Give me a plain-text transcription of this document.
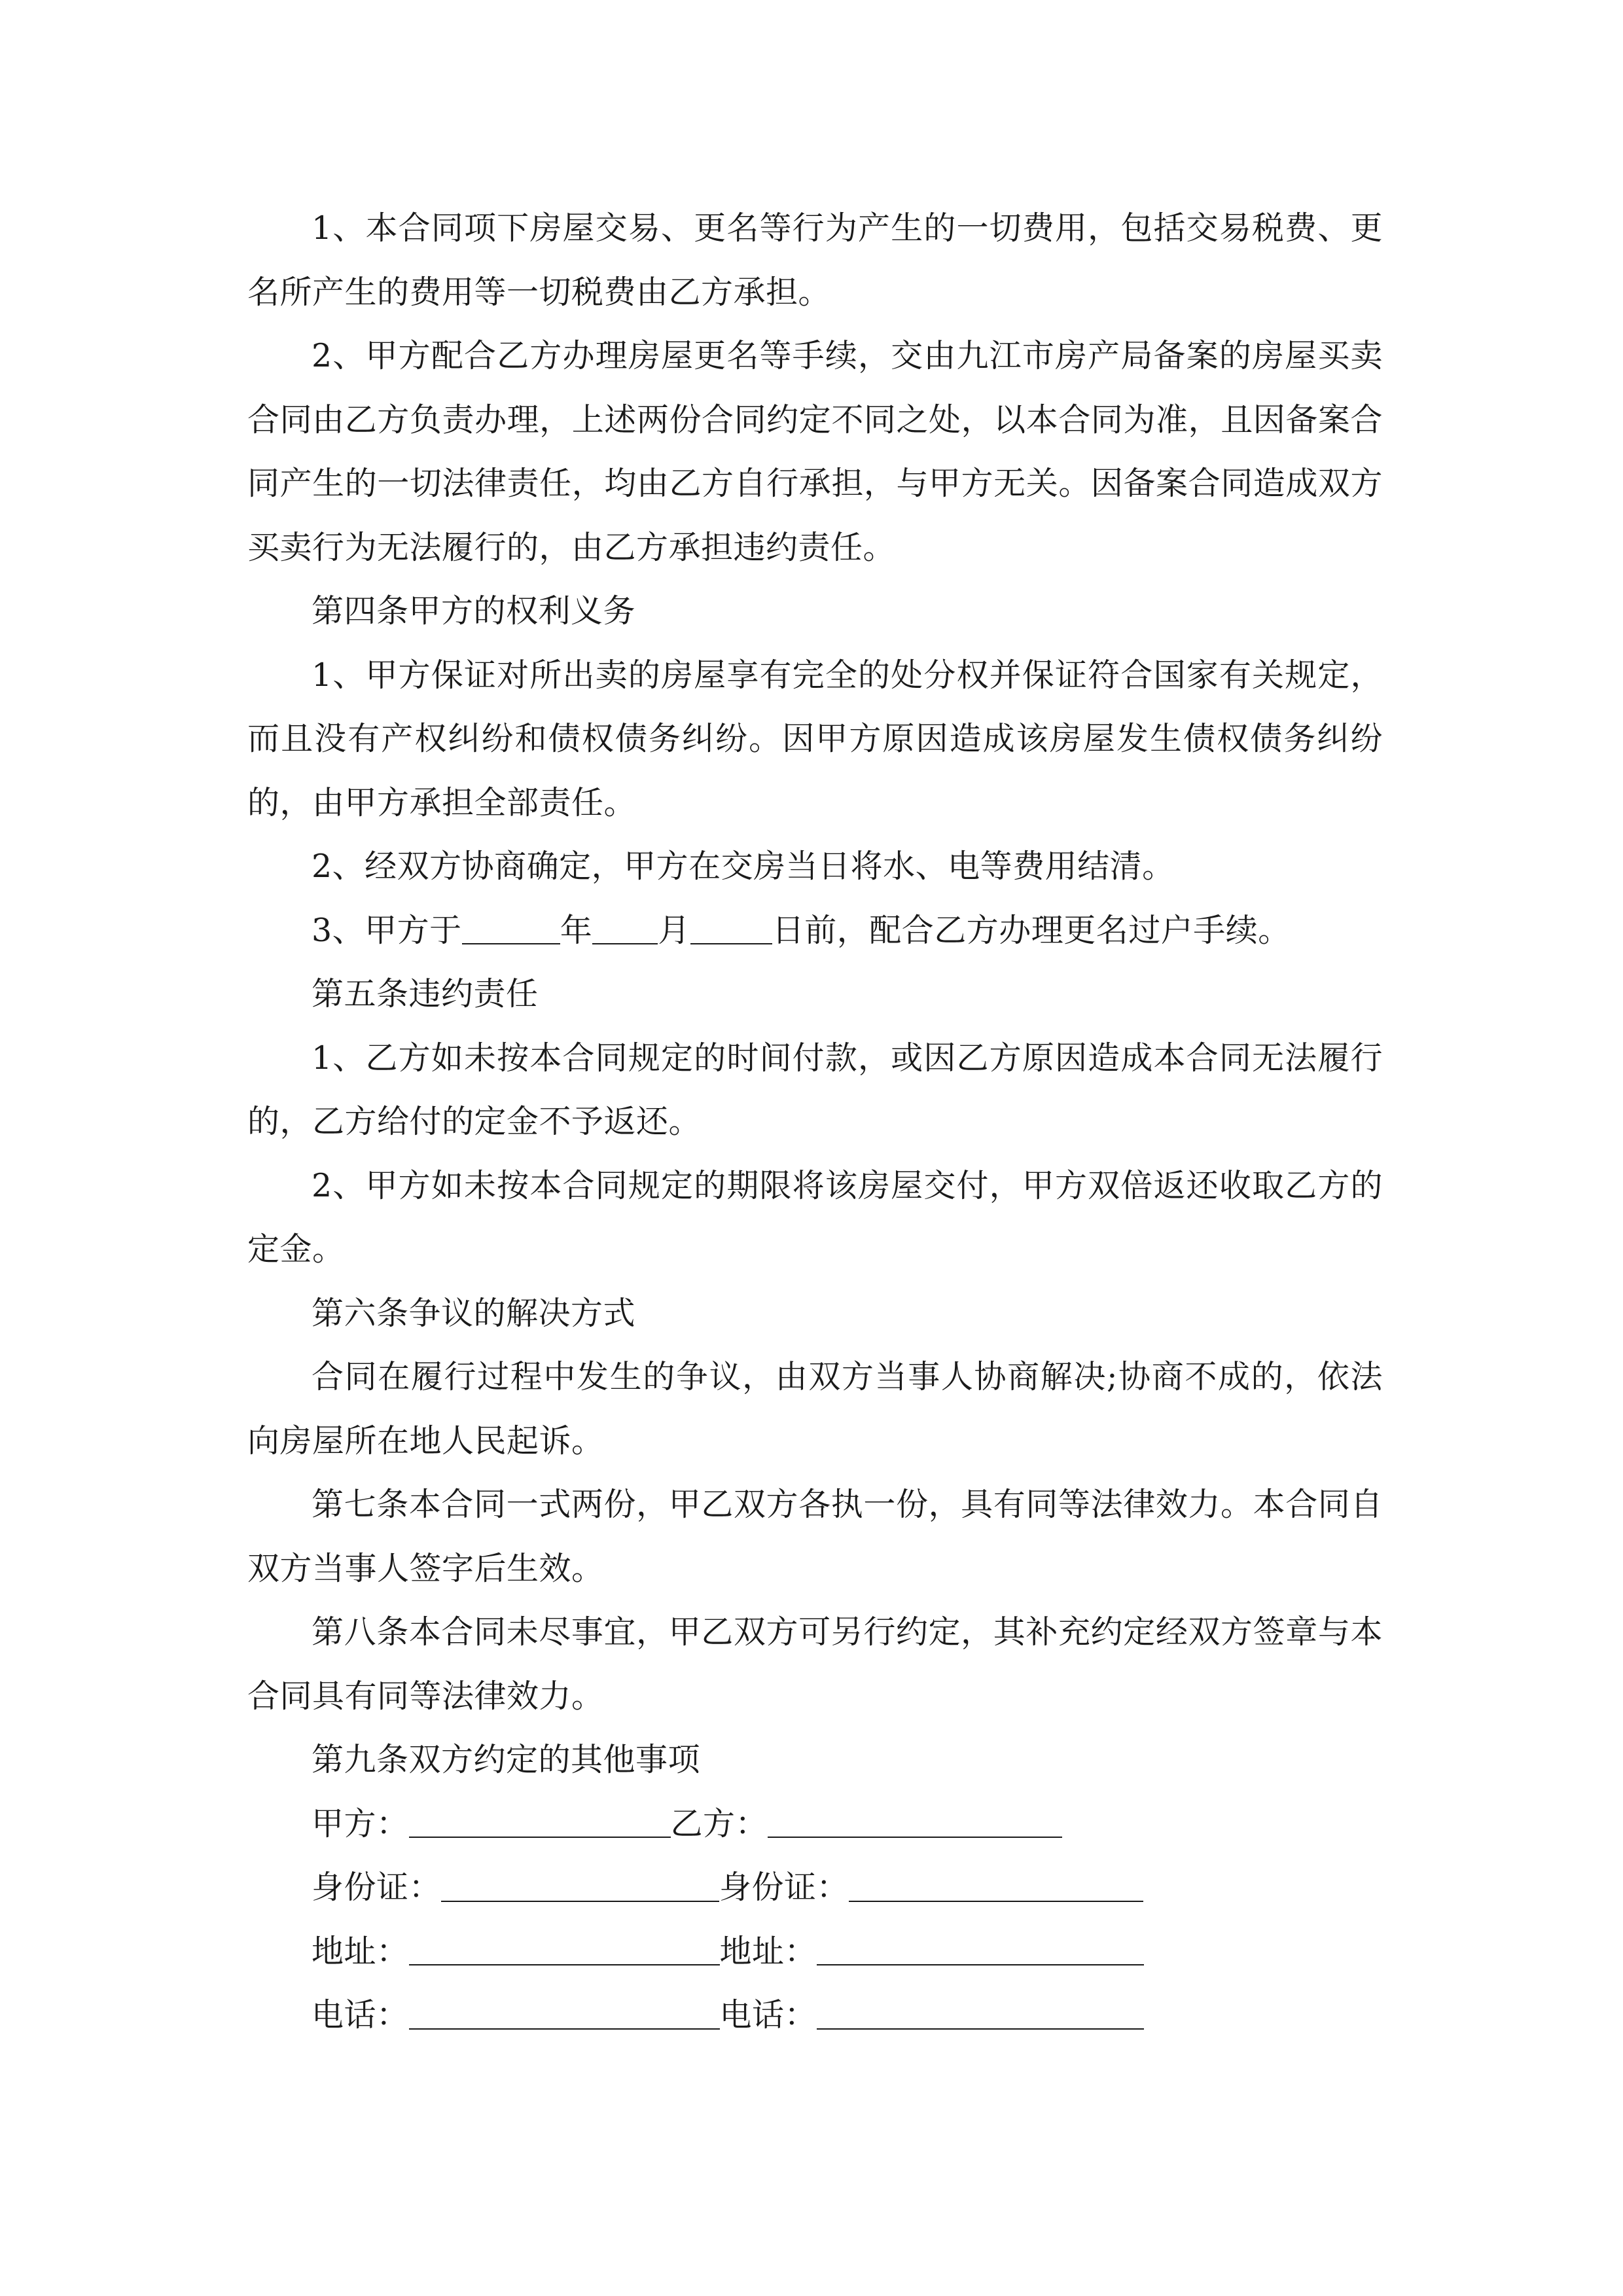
1、本合同项下房屋交易、更名等行为产生的一切费用，包括交易税费、更名所产生的费用等一切税费由乙方承担。

2、甲方配合乙方办理房屋更名等手续，交由九江市房产局备案的房屋买卖合同由乙方负责办理，上述两份合同约定不同之处，以本合同为准，且因备案合同产生的一切法律责任，均由乙方自行承担，与甲方无关。因备案合同造成双方买卖行为无法履行的，由乙方承担违约责任。

第四条甲方的权利义务

1、甲方保证对所出卖的房屋享有完全的处分权并保证符合国家有关规定，而且没有产权纠纷和债权债务纠纷。因甲方原因造成该房屋发生债权债务纠纷的，由甲方承担全部责任。

2、经双方协商确定，甲方在交房当日将水、电等费用结清。

3、甲方于	年 月	日前，配合乙方办理更名过户手续。

第五条违约责任

1、乙方如未按本合同规定的时间付款，或因乙方原因造成本合同无法履行的，乙方给付的定金不予返还。

2、甲方如未按本合同规定的期限将该房屋交付，甲方双倍返还收取乙方的定金。

第六条争议的解决方式

合同在履行过程中发生的争议，由双方当事人协商解决;协商不成的，依法向房屋所在地人民起诉。

第七条本合同一式两份，甲乙双方各执一份，具有同等法律效力。本合同自双方当事人签字后生效。

第八条本合同未尽事宜，甲乙双方可另行约定，其补充约定经双方签章与本合同具有同等法律效力。

第九条双方约定的其他事项

甲方：	乙方：

身份证：	身份证：

地址：	地址：

电话：	电话：
